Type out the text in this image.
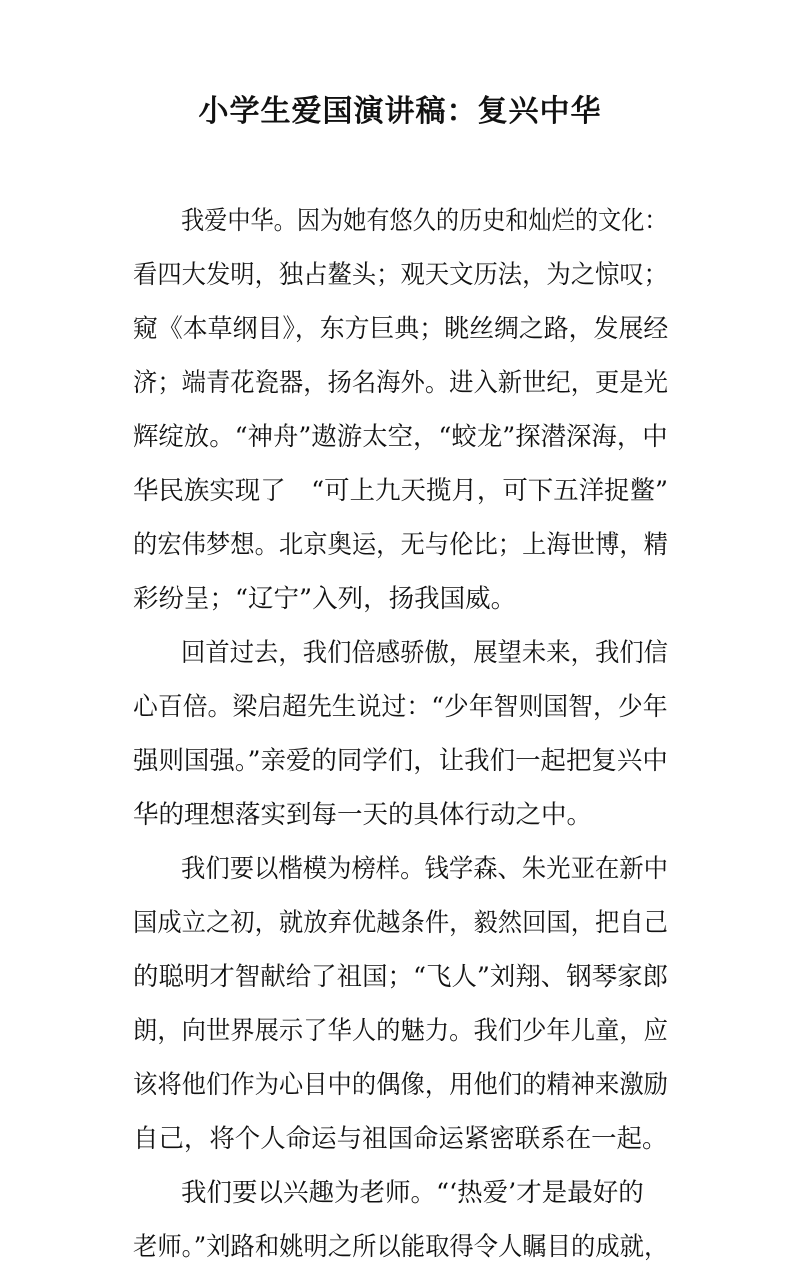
小学生爱国演讲稿：复兴中华
我爱中华。因为她有悠久的历史和灿烂的文化：
看四大发明，独占鳌头；观天文历法，为之惊叹；
窥《本草纲目》，东方巨典；眺丝绸之路，发展经
济；端青花瓷器，扬名海外。进入新世纪，更是光
辉绽放。“神舟”遨游太空，“蛟龙”探潜深海，中
华民族实现了　“可上九天揽月，可下五洋捉鳖”
的宏伟梦想。北京奥运，无与伦比；上海世博，精
彩纷呈；“辽宁”入列，扬我国威。
回首过去，我们倍感骄傲，展望未来，我们信
心百倍。梁启超先生说过：“少年智则国智，少年
强则国强。”亲爱的同学们，让我们一起把复兴中
华的理想落实到每一天的具体行动之中。
我们要以楷模为榜样。钱学森、朱光亚在新中
国成立之初，就放弃优越条件，毅然回国，把自己
的聪明才智献给了祖国；“飞人”刘翔、钢琴家郎
朗，向世界展示了华人的魅力。我们少年儿童，应
该将他们作为心目中的偶像，用他们的精神来激励
自己，将个人命运与祖国命运紧密联系在一起。
我们要以兴趣为老师。“‘热爱’才是最好的
老师。”刘路和姚明之所以能取得令人瞩目的成就，
